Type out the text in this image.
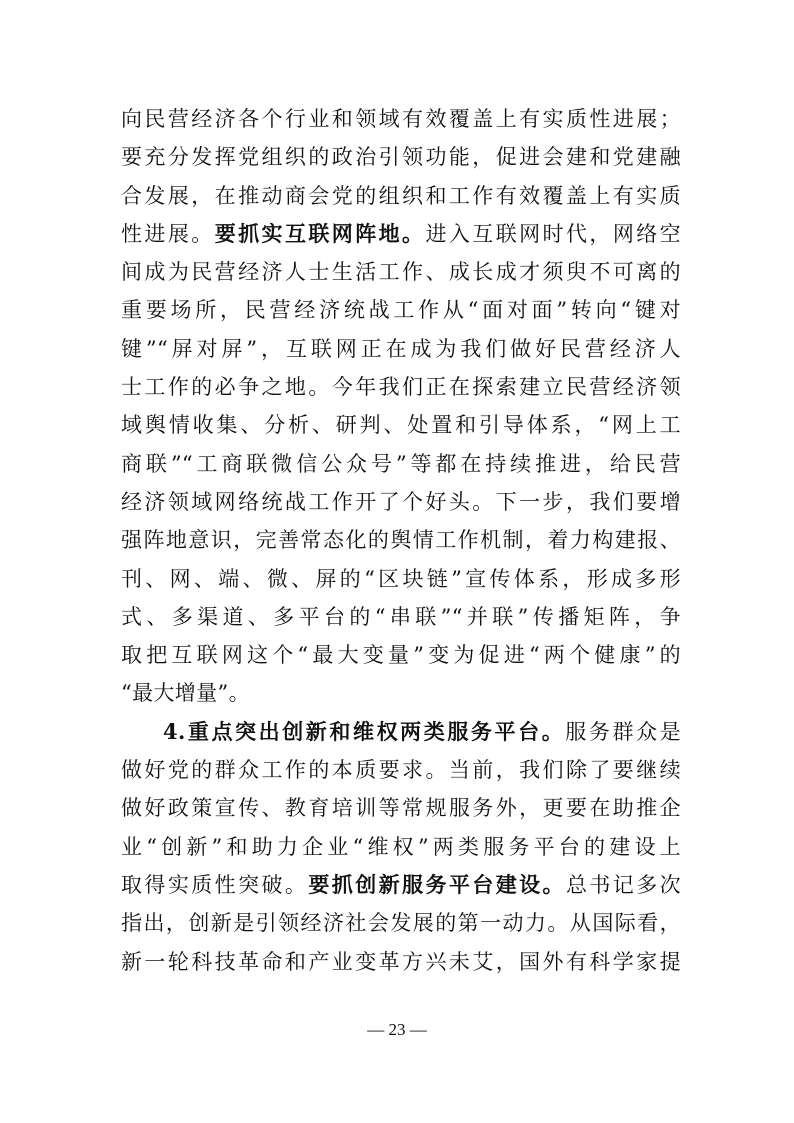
向民营经济各个行业和领域有效覆盖上有实质性进展；
要充分发挥党组织的政治引领功能，促进会建和党建融
合发展，在推动商会党的组织和工作有效覆盖上有实质
性进展。要抓实互联网阵地。进入互联网时代，网络空
间成为民营经济人士生活工作、成长成才须臾不可离的
重要场所，民营经济统战工作从“面对面”转向“键对
键”“屏对屏”，互联网正在成为我们做好民营经济人
士工作的必争之地。今年我们正在探索建立民营经济领
域舆情收集、分析、研判、处置和引导体系，“网上工
商联”“工商联微信公众号”等都在持续推进，给民营
经济领域网络统战工作开了个好头。下一步，我们要增
强阵地意识，完善常态化的舆情工作机制，着力构建报、
刊、网、端、微、屏的“区块链”宣传体系，形成多形
式、多渠道、多平台的“串联”“并联”传播矩阵，争
取把互联网这个“最大变量”变为促进“两个健康”的
“最大增量”。
4.重点突出创新和维权两类服务平台。服务群众是
做好党的群众工作的本质要求。当前，我们除了要继续
做好政策宣传、教育培训等常规服务外，更要在助推企
业“创新”和助力企业“维权”两类服务平台的建设上
取得实质性突破。要抓创新服务平台建设。总书记多次
指出，创新是引领经济社会发展的第一动力。从国际看，
新一轮科技革命和产业变革方兴未艾，国外有科学家提
— 23 —
